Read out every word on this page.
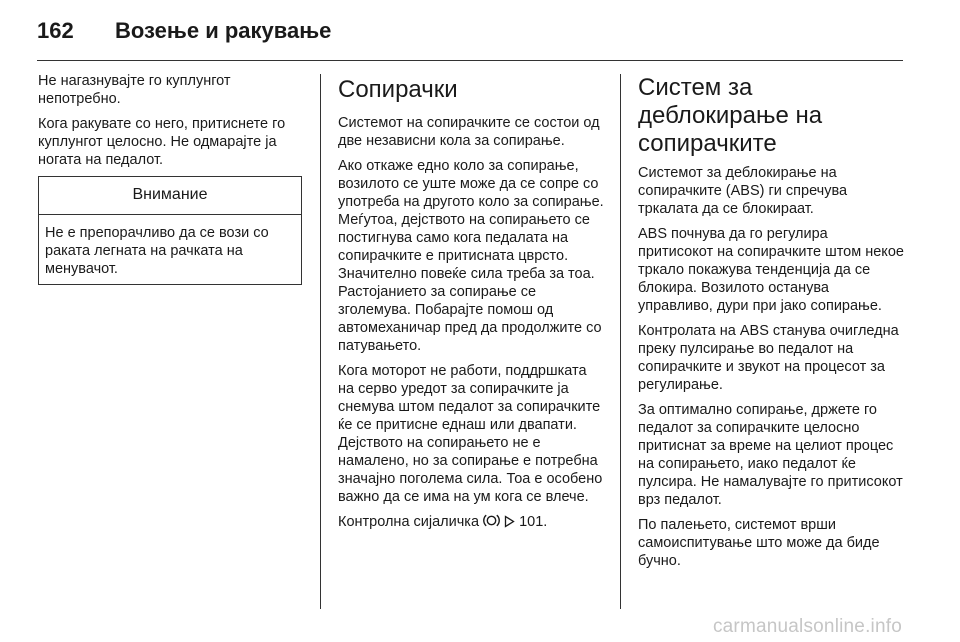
162 Возење и ракување

Не нагазнувајте го куплунгот непотребно.

Кога ракувате со него, притиснете го куплунгот целосно. Не одмарајте ја ногата на педалот.

Внимание

Не е препорачливо да се вози со раката легната на рачката на менувачот.

Сопирачки

Системот на сопирачките се состои од две независни кола за сопирање.

Ако откаже едно коло за сопирање, возилото се уште може да се сопре со употреба на другото коло за сопирање. Меѓутоа, дејството на сопирањето се постигнува само кога педалата на сопирачките е притисната цврсто. Значително повеќе сила треба за тоа. Растојанието за сопирање се зголемува. Побарајте помош од автомеханичар пред да продолжите со патувањето.

Кога моторот не работи, поддршката на серво уредот за сопирачките ја снемува штом педалот за сопирачките ќе се притисне еднаш или двапати. Дејството на сопирањето не е намалено, но за сопирање е потребна значајно поголема сила. Тоа е особено важно да се има на ум кога се влече.

Контролна сијаличка	101.

Систем за деблокирање на сопирачките

Системот за деблокирање на сопирачките (ABS) ги спречува тркалата да се блокираат.

ABS почнува да го регулира притисокот на сопирачките штом некое тркало покажува тенденција да се блокира. Возилото останува управливо, дури при јако сопирање.

Контролата на ABS станува очигледна преку пулсирање во педалот на сопирачките и звукот на процесот за регулирање.

За оптимално сопирање, држете го педалот за сопирачките целосно притиснат за време на целиот процес на сопирањето, иако педалот ќе пулсира. Не намалувајте го притисокот врз педалот.

По палењето, системот врши самоиспитување што може да биде бучно.

carmanualsonline.info
